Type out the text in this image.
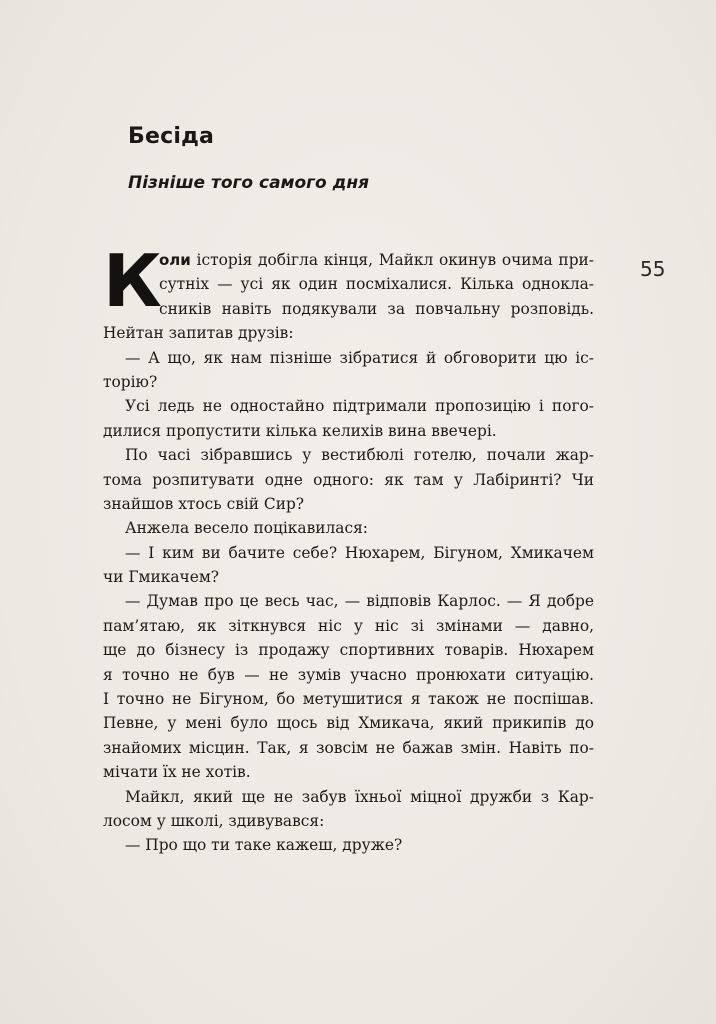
Бесіда
Пізніше того самого дня
55
К
оли історія добігла кінця, Майкл окинув очима при-
сутніх — усі як один посміхалися. Кілька однокла-
сників навіть подякували за повчальну розповідь.
Нейтан запитав друзів:
— А що, як нам пізніше зібратися й обговорити цю іс-
торію?
Усі ледь не одностайно підтримали пропозицію і пого-
дилися пропустити кілька келихів вина ввечері.
По часі зібравшись у вестибюлі готелю, почали жар-
тома розпитувати одне одного: як там у Лабіринті? Чи
знайшов хтось свій Сир?
Анжела весело поцікавилася:
— І ким ви бачите себе? Нюхарем, Бігуном, Хмикачем
чи Гмикачем?
— Думав про це весь час, — відповів Карлос. — Я добре
пам’ятаю, як зіткнувся ніс у ніс зі змінами — давно,
ще до бізнесу із продажу спортивних товарів. Нюхарем
я точно не був — не зумів учасно пронюхати ситуацію.
І точно не Бігуном, бо метушитися я також не поспішав.
Певне, у мені було щось від Хмикача, який прикипів до
знайомих місцин. Так, я зовсім не бажав змін. Навіть по-
мічати їх не хотів.
Майкл, який ще не забув їхньої міцної дружби з Кар-
лосом у школі, здивувався:
— Про що ти таке кажеш, друже?
